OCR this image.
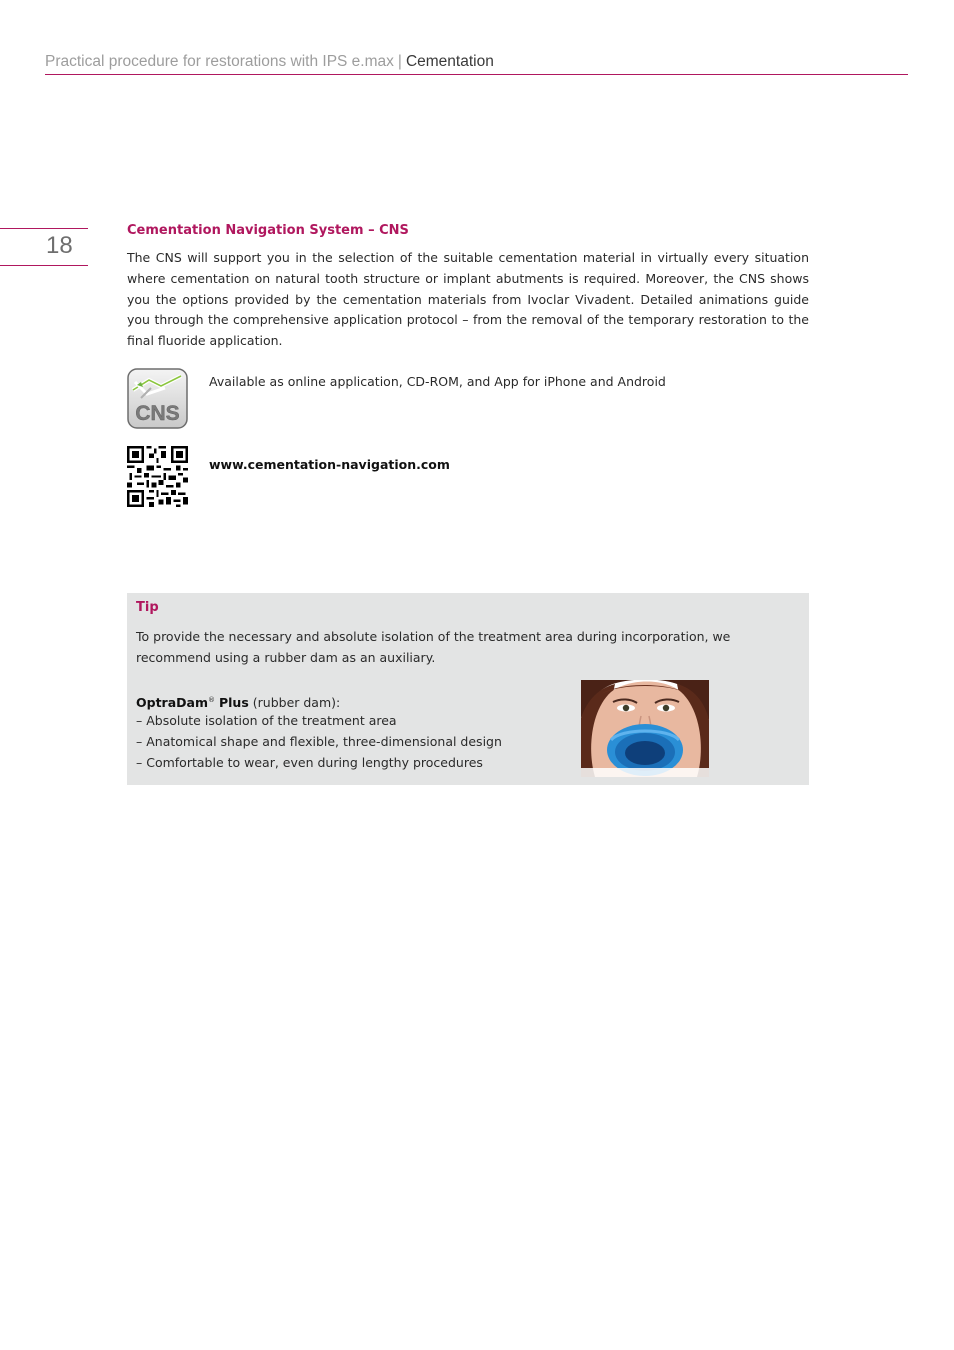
Practical procedure for restorations with IPS e.max | Cementation
18
Cementation Navigation System – CNS

The CNS will support you in the selection of the suitable cementation material in virtually every situation where cementation on natural tooth structure or implant abutments is required. Moreover, the CNS shows you the options provided by the cementation materials from Ivoclar Vivadent. Detailed animations guide you through the comprehensive application protocol – from the removal of the temporary restoration to the final fluoride application.

CNS
Available as online application, CD-ROM, and App for iPhone and Android
www.cementation-navigation.com
Tip

To provide the necessary and absolute isolation of the treatment area during incorporation, we recommend using a rubber dam as an auxiliary.

OptraDam® Plus (rubber dam):

– Absolute isolation of the treatment area
– Anatomical shape and flexible, three-dimensional design
– Comfortable to wear, even during lengthy procedures
